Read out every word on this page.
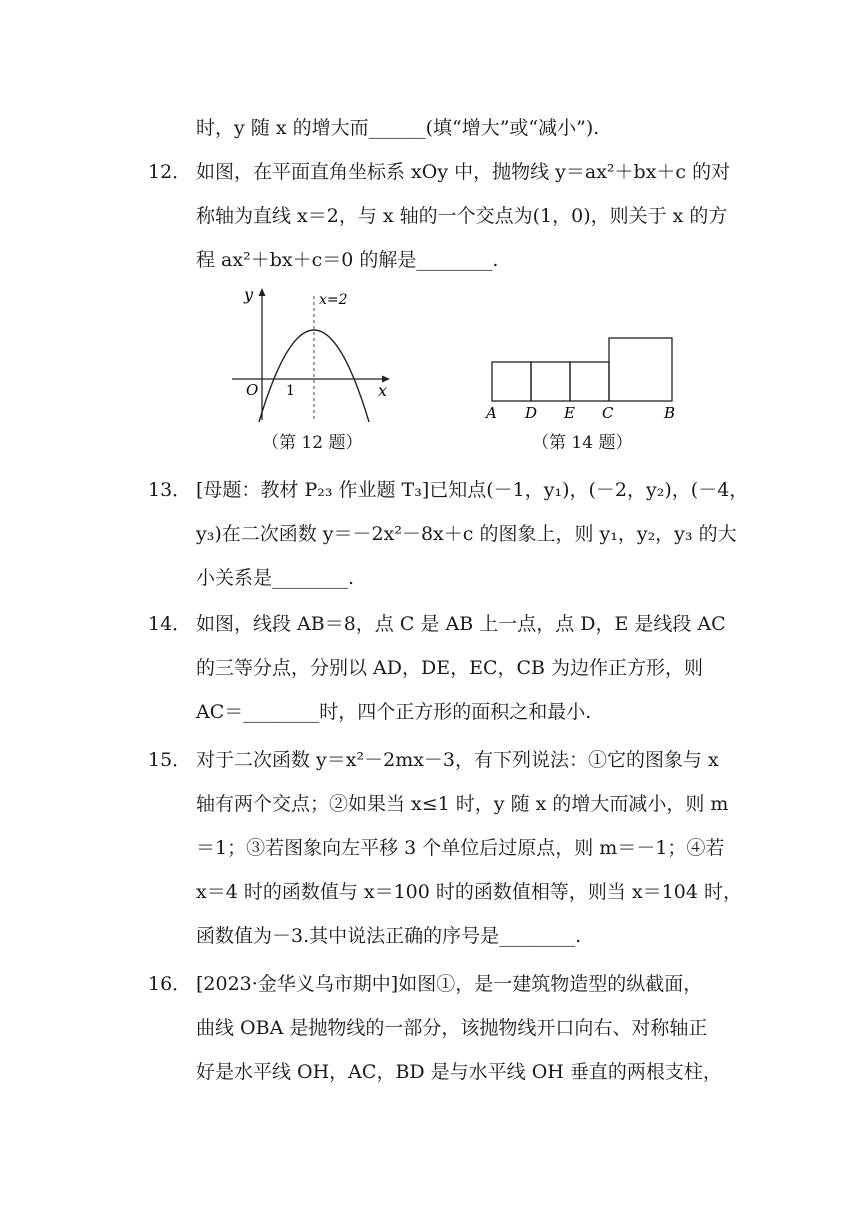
时，y 随 x 的增大而______(填“增大”或“减小”).
12． 如图，在平面直角坐标系 xOy 中，抛物线 y＝ax²＋bx＋c 的对
称轴为直线 x＝2，与 x 轴的一个交点为(1，0)，则关于 x 的方
程 ax²＋bx＋c＝0 的解是________.
13． [母题：教材 P₂₃ 作业题 T₃]已知点(－1，y₁)，(－2，y₂)，(－4，
y₃)在二次函数 y＝－2x²－8x＋c 的图象上，则 y₁，y₂，y₃ 的大
小关系是________.
14． 如图，线段 AB＝8，点 C 是 AB 上一点，点 D，E 是线段 AC
的三等分点，分别以 AD，DE，EC，CB 为边作正方形，则
AC＝________时，四个正方形的面积之和最小.
15． 对于二次函数 y＝x²－2mx－3，有下列说法：①它的图象与 x
轴有两个交点；②如果当 x≤1 时，y 随 x 的增大而减小，则 m
＝1；③若图象向左平移 3 个单位后过原点，则 m＝－1；④若
x＝4 时的函数值与 x＝100 时的函数值相等，则当 x＝104 时，
函数值为－3.其中说法正确的序号是________.
16． [2023·金华义乌市期中]如图①，是一建筑物造型的纵截面，
曲线 OBA 是抛物线的一部分，该抛物线开口向右、对称轴正
好是水平线 OH，AC，BD 是与水平线 OH 垂直的两根支柱，
y
x
O 1
x=2
（第 12 题）
A D E C	B
（第 14 题）
